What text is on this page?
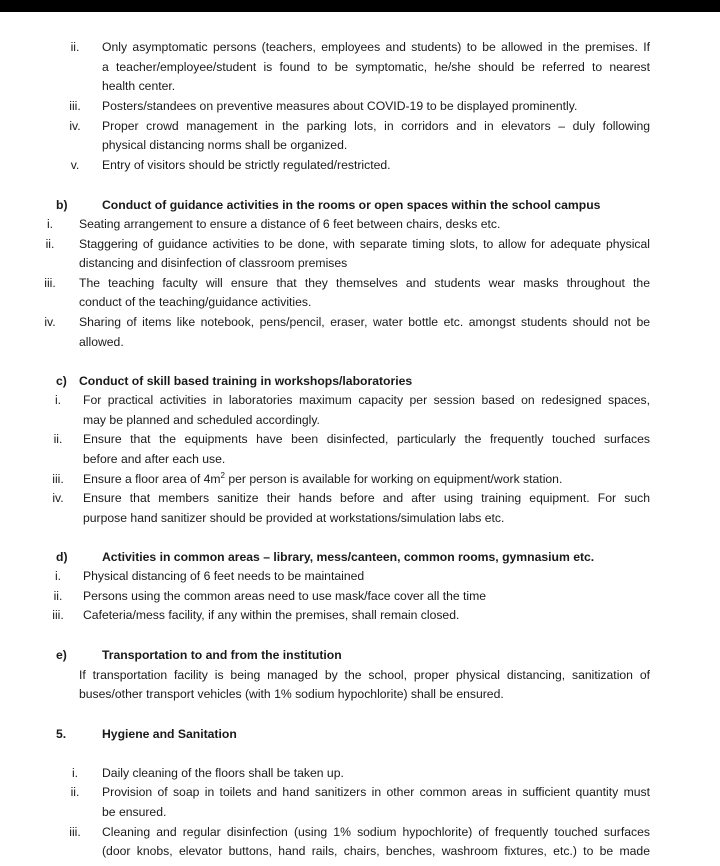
ii.	Only asymptomatic persons (teachers, employees and students) to be allowed in the premises. If
a teacher/employee/student is found to be symptomatic, he/she should be referred to nearest
health center.
iii.	Posters/standees on preventive measures about COVID-19 to be displayed prominently.
iv.	Proper crowd management in the parking lots, in corridors and in elevators – duly following
physical distancing norms shall be organized.
v.	Entry of visitors should be strictly regulated/restricted.
b)	Conduct of guidance activities in the rooms or open spaces within the school campus
i.	Seating arrangement to ensure a distance of 6 feet between chairs, desks etc.
ii.	Staggering of guidance activities to be done, with separate timing slots, to allow for adequate physical
distancing and disinfection of classroom premises
iii.	The teaching faculty will ensure that they themselves and students wear masks throughout the
conduct of the teaching/guidance activities.
iv.	Sharing of items like notebook, pens/pencil, eraser, water bottle etc. amongst students should not be
allowed.
c) Conduct of skill based training in workshops/laboratories
i.	For practical activities in laboratories maximum capacity per session based on redesigned spaces,
may be planned and scheduled accordingly.
ii.	Ensure that the equipments have been disinfected, particularly the frequently touched surfaces
before and after each use.
iii.	Ensure a floor area of $4m^2$ per person is available for working on equipment/work station.
iv.	Ensure that members sanitize their hands before and after using training equipment. For such
purpose hand sanitizer should be provided at workstations/simulation labs etc.
d)	Activities in common areas – library, mess/canteen, common rooms, gymnasium etc.
i.	Physical distancing of 6 feet needs to be maintained
ii.	Persons using the common areas need to use mask/face cover all the time
iii.	Cafeteria/mess facility, if any within the premises, shall remain closed.
e)	Transportation to and from the institution
If transportation facility is being managed by the school, proper physical distancing, sanitization of
buses/other transport vehicles (with 1% sodium hypochlorite) shall be ensured.
5.	Hygiene and Sanitation
i.	Daily cleaning of the floors shall be taken up.
ii.	Provision of soap in toilets and hand sanitizers in other common areas in sufficient quantity must
be ensured.
iii.	Cleaning and regular disinfection (using 1% sodium hypochlorite) of frequently touched surfaces
(door knobs, elevator buttons, hand rails, chairs, benches, washroom fixtures, etc.) to be made
